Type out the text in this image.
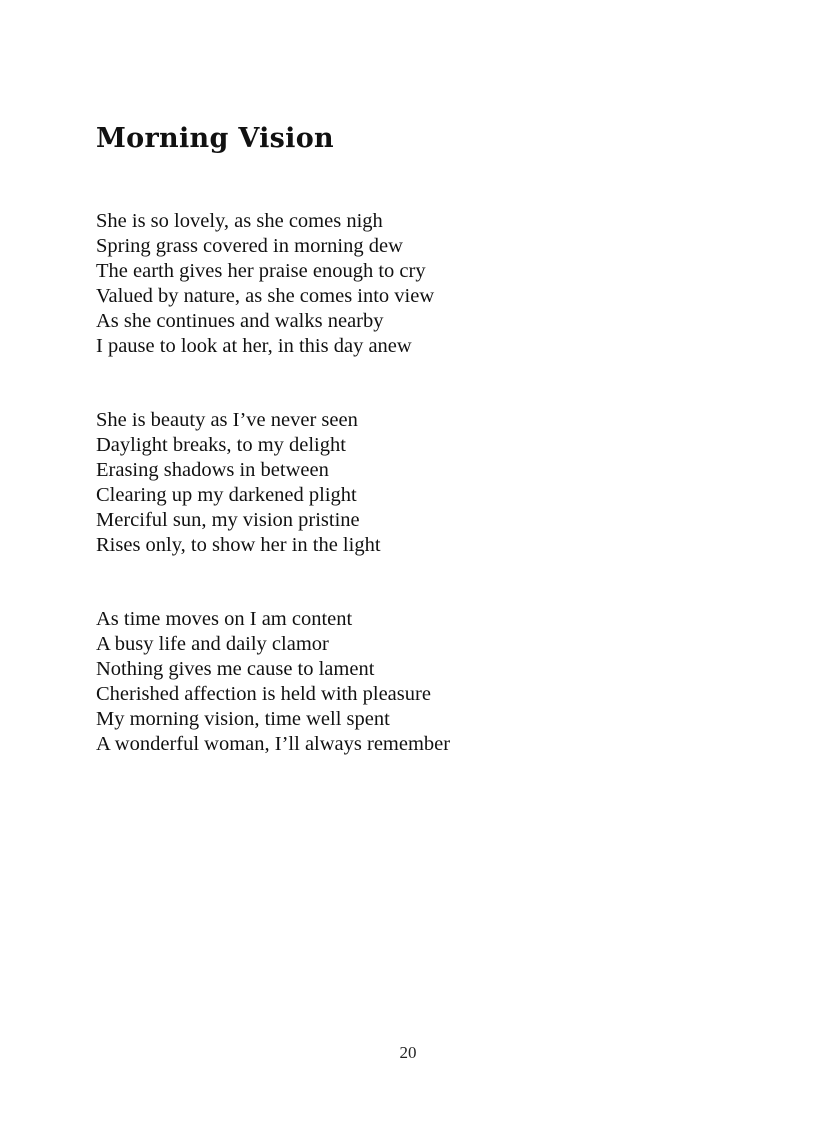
Morning Vision
She is so lovely, as she comes nigh
Spring grass covered in morning dew
The earth gives her praise enough to cry
Valued by nature, as she comes into view
As she continues and walks nearby
I pause to look at her, in this day anew
She is beauty as I’ve never seen
Daylight breaks, to my delight
Erasing shadows in between
Clearing up my darkened plight
Merciful sun, my vision pristine
Rises only, to show her in the light
As time moves on I am content
A busy life and daily clamor
Nothing gives me cause to lament
Cherished affection is held with pleasure
My morning vision, time well spent
A wonderful woman, I’ll always remember

20
